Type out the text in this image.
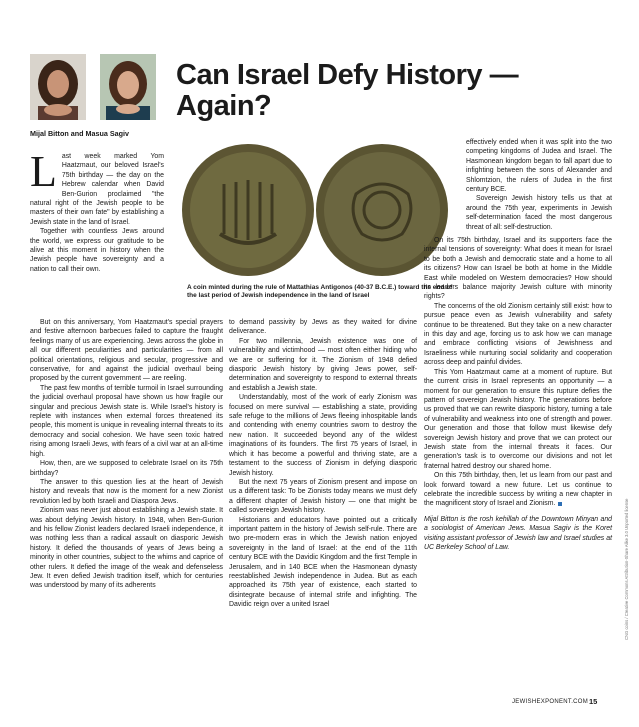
Can Israel Defy History — Again?
Mijal Bitton and Masua Sagiv
A coin minted during the rule of Mattathias Antigonos (40-37 B.C.E.) toward the end of the last period of Jewish independence in the land of Israel

Last week marked Yom Haatzmaut, our beloved Israel's 75th birthday — the day on the Hebrew calendar when David Ben-Gurion proclaimed "the natural right of the Jewish people to be masters of their own fate" by establishing a Jewish state in the land of Israel.

Together with countless Jews around the world, we express our gratitude to be alive at this moment in history when the Jewish people have sovereignty and a nation to call their own.

But on this anniversary, Yom Haatzmaut's special prayers and festive afternoon barbecues failed to capture the fraught feelings many of us are experiencing. Jews across the globe in all our different peculiarities and particularities — from all political orientations, religious and secular, progressive and conservative, for and against the judicial overhaul being proposed by the current government — are reeling.

The past few months of terrible turmoil in Israel surrounding the judicial overhaul proposal have shown us how fragile our singular and precious Jewish state is. While Israel's history is replete with instances when external forces threatened its people, this moment is unique in revealing internal threats to its democracy and social cohesion. We have seen toxic hatred rising among Israeli Jews, with fears of a civil war at an all-time high.

How, then, are we supposed to celebrate Israel on its 75th birthday?

The answer to this question lies at the heart of Jewish history and reveals that now is the moment for a new Zionist revolution led by both Israeli and Diaspora Jews.

Zionism was never just about establishing a Jewish state. It was about defying Jewish history. In 1948, when Ben-Gurion and his fellow Zionist leaders declared Israeli independence, it was nothing less than a radical assault on diasporic Jewish history. It defied the thousands of years of Jews being a minority in other countries, subject to the whims and caprice of other rulers. It defied the image of the weak and defenseless Jew. It even defied Jewish tradition itself, which for centuries was understood by many of its adherents

to demand passivity by Jews as they waited for divine deliverance.

For two millennia, Jewish existence was one of vulnerability and victimhood — most often either hiding who we are or suffering for it. The Zionism of 1948 defied diasporic Jewish history by giving Jews power, self-determination and sovereignty to respond to external threats and establish a Jewish state.

Understandably, most of the work of early Zionism was focused on mere survival — establishing a state, providing safe refuge to the millions of Jews fleeing inhospitable lands and contending with enemy countries sworn to destroy the new nation. It succeeded beyond any of the wildest imaginations of its founders. The first 75 years of Israel, in which it has become a powerful and thriving state, are a testament to the success of Zionism in defying diasporic Jewish history.

But the next 75 years of Zionism present and impose on us a different task: To be Zionists today means we must defy a different chapter of Jewish history — one that might be called sovereign Jewish history.

Historians and educators have pointed out a critically important pattern in the history of Jewish self-rule. There are two pre-modern eras in which the Jewish nation enjoyed sovereignty in the land of Israel: at the end of the 11th century BCE with the Davidic Kingdom and the first Temple in Jerusalem, and in 140 BCE when the Hasmonean dynasty reestablished Jewish independence in Judea. But as each approached its 75th year of existence, each started to disintegrate because of internal strife and infighting. The Davidic reign over a united Israel

effectively ended when it was split into the two competing kingdoms of Judea and Israel. The Hasmonean kingdom began to fall apart due to infighting between the sons of Alexander and Shlomtzion, the rulers of Judea in the first century BCE.

Sovereign Jewish history tells us that at around the 75th year, experiments in Jewish self-determination faced the most dangerous threat of all: self-destruction.

On its 75th birthday, Israel and its supporters face the internal tensions of sovereignty: What does it mean for Israel to be both a Jewish and democratic state and a home to all its citizens? How can Israel be both at home in the Middle East while modeled on Western democracies? How should its leaders balance majority Jewish culture with minority rights?

The concerns of the old Zionism certainly still exist: how to pursue peace even as Jewish vulnerability and safety continue to be threatened. But they take on a new character in this day and age, forcing us to ask how we can manage and embrace conflicting visions of Jewishness and Israeliness while nurturing social solidarity and cooperation across deep and painful divides.

This Yom Haatzmaut came at a moment of rupture. But the current crisis in Israel represents an opportunity — a moment for our generation to ensure this rupture defies the pattern of sovereign Jewish history. The generations before us proved that we can rewrite diasporic history, turning a tale of vulnerability and weakness into one of strength and power. Our generation and those that follow must likewise defy sovereign Jewish history and prove that we can protect our Jewish state from the internal threats it faces. Our generation's task is to overcome our divisions and not let fraternal hatred destroy our shared home.

On this 75th birthday, then, let us learn from our past and look forward toward a new future. Let us continue to celebrate the incredible success by writing a new chapter in the magnificent story of Israel and Zionism.

Mijal Bitton is the rosh kehillah of the Downtown Minyan and a sociologist of American Jews. Masua Sagiv is the Koret visiting assistant professor of Jewish law and Israel studies at UC Berkeley School of Law.

JEWISHEXPONENT.COM 15
CNG coins / Creative Commons Attribution-Share Alike 3.0 Unported license
